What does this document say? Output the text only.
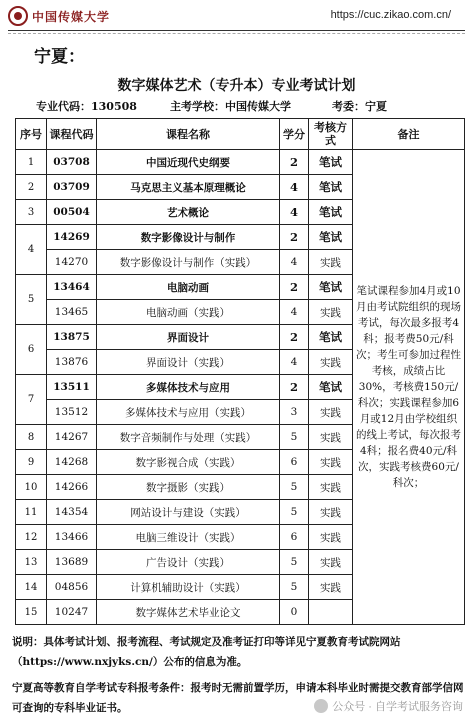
中国传媒大学	https://cuc.zikao.com.cn/
宁夏：
数字媒体艺术（专升本）专业考试计划
专业代码：130508	主考学校：中国传媒大学	考委：宁夏
序号	课程代码	课程名称	学分	考核方式	备注
1	03708	中国近现代史纲要	2	笔试	笔试课程参加4月或10月由考试院组织的现场考试，每次最多报考4科；报考费50元/科次；考生可参加过程性考核，成绩占比30%，考核费150元/科次；实践课程参加6月或12月由学校组织的线上考试，每次报考4科；报名费40元/科次，实践考核费60元/科次；
2	03709	马克思主义基本原理概论	4	笔试	
3	00504	艺术概论	4	笔试	
4	14269	数字影像设计与制作	2	笔试	
	14270	数字影像设计与制作（实践）	4	实践	
5	13464	电脑动画	2	笔试	
	13465	电脑动画（实践）	4	实践	
6	13875	界面设计	2	笔试	
	13876	界面设计（实践）	4	实践	
7	13511	多媒体技术与应用	2	笔试	
	13512	多媒体技术与应用（实践）	3	实践	
8	14267	数字音频制作与处理（实践）	5	实践	
9	14268	数字影视合成（实践）	6	实践	
10	14266	数字摄影（实践）	5	实践	
11	14354	网站设计与建设（实践）	5	实践	
12	13466	电脑三维设计（实践）	6	实践	
13	13689	广告设计（实践）	5	实践	
14	04856	计算机辅助设计（实践）	5	实践	
15	10247	数字媒体艺术毕业论文	0		
说明：具体考试计划、报考流程、考试规定及准考证打印等详见宁夏教育考试院网站（https://www.nxjyks.cn/）公布的信息为准。
宁夏高等教育自学考试专科报考条件：报考时无需前置学历，申请本科毕业时需提交教育部学信网可查询的专科毕业证书。	公众号 · 自学考试服务咨询
